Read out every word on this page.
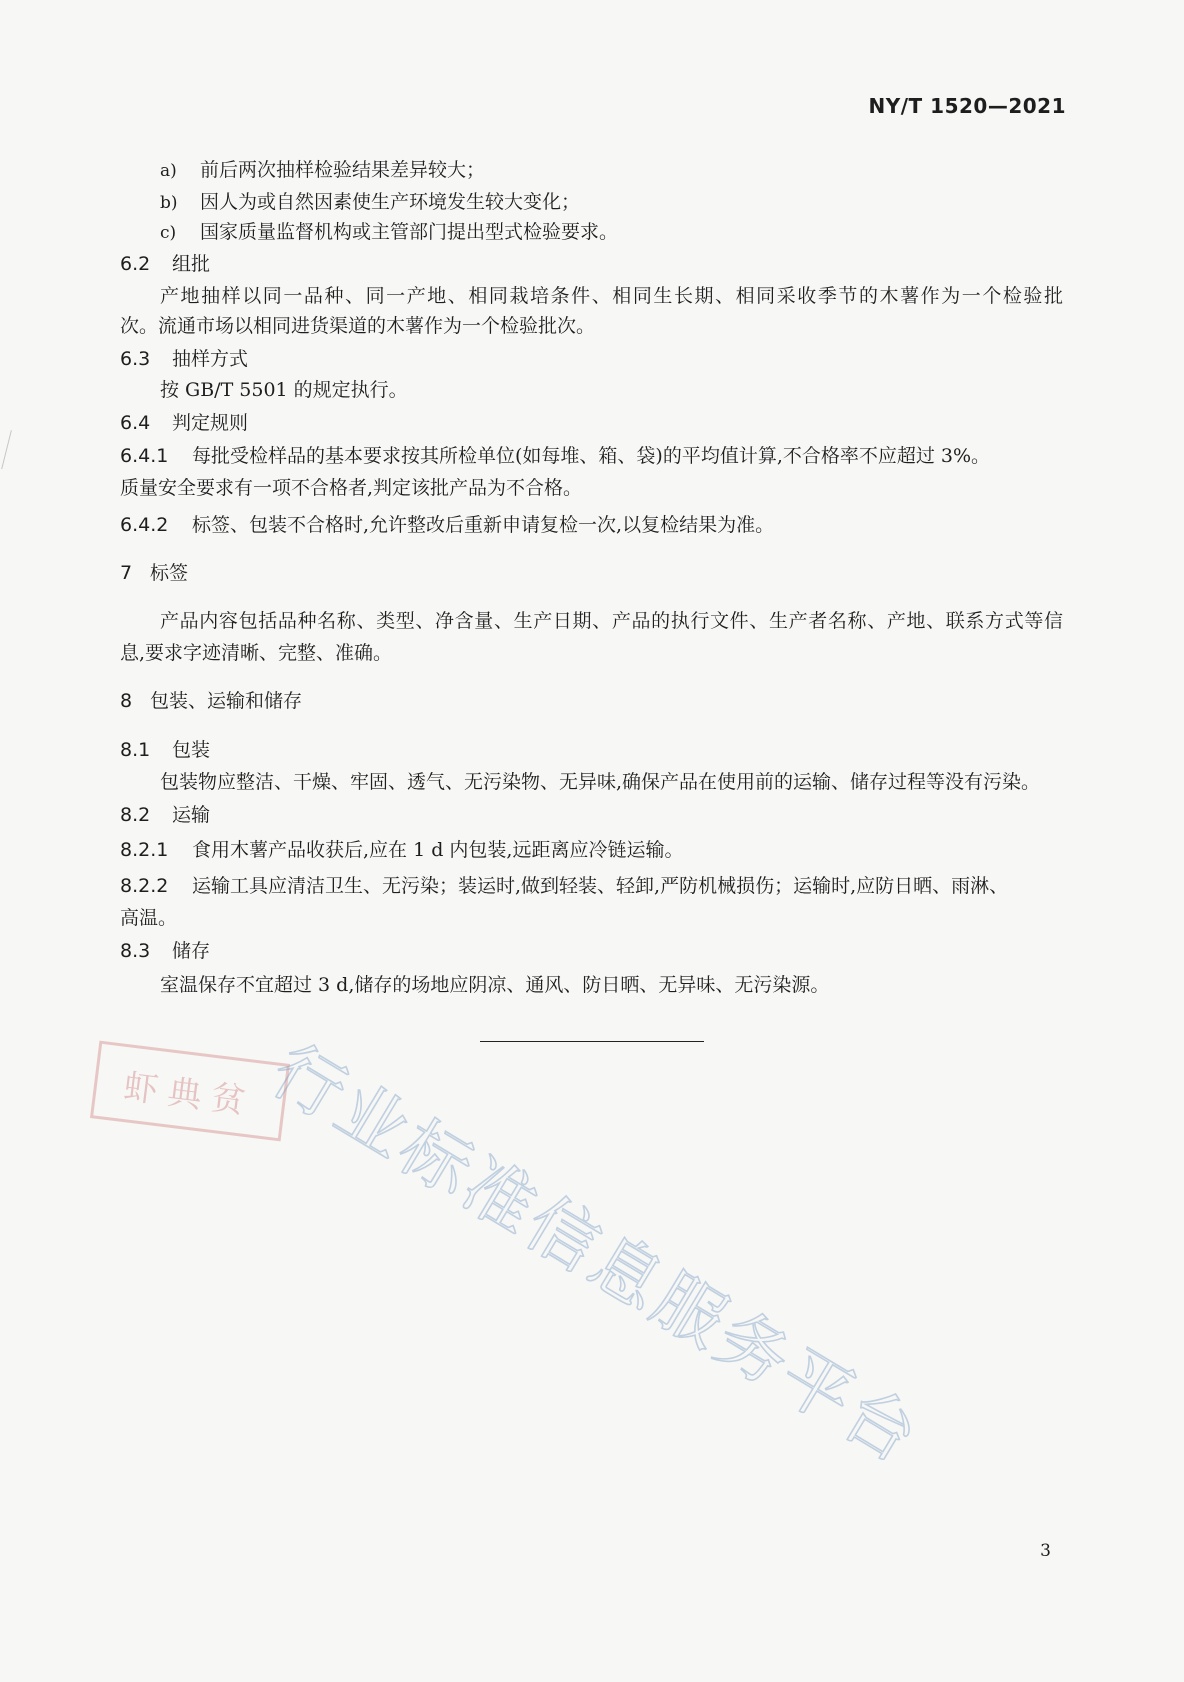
NY/T 1520—2021
a) 前后两次抽样检验结果差异较大；
b) 因人为或自然因素使生产环境发生较大变化；
c) 国家质量监督机构或主管部门提出型式检验要求。
6.2 组批
产地抽样以同一品种、同一产地、相同栽培条件、相同生长期、相同采收季节的木薯作为一个检验批
次。流通市场以相同进货渠道的木薯作为一个检验批次。
6.3 抽样方式
按 GB/T 5501 的规定执行。
6.4 判定规则
6.4.1 每批受检样品的基本要求按其所检单位(如每堆、箱、袋)的平均值计算,不合格率不应超过 3%。
质量安全要求有一项不合格者,判定该批产品为不合格。
6.4.2 标签、包装不合格时,允许整改后重新申请复检一次,以复检结果为准。
7 标签
产品内容包括品种名称、类型、净含量、生产日期、产品的执行文件、生产者名称、产地、联系方式等信
息,要求字迹清晰、完整、准确。
8 包装、运输和储存
8.1 包装
包装物应整洁、干燥、牢固、透气、无污染物、无异味,确保产品在使用前的运输、储存过程等没有污染。
8.2 运输
8.2.1 食用木薯产品收获后,应在 1 d 内包装,远距离应冷链运输。
8.2.2 运输工具应清洁卫生、无污染；装运时,做到轻装、轻卸,严防机械损伤；运输时,应防日晒、雨淋、
高温。
8.3 储存
室温保存不宜超过 3 d,储存的场地应阴凉、通风、防日晒、无异味、无污染源。
虾典贫 行业标准信息服务平台
3
